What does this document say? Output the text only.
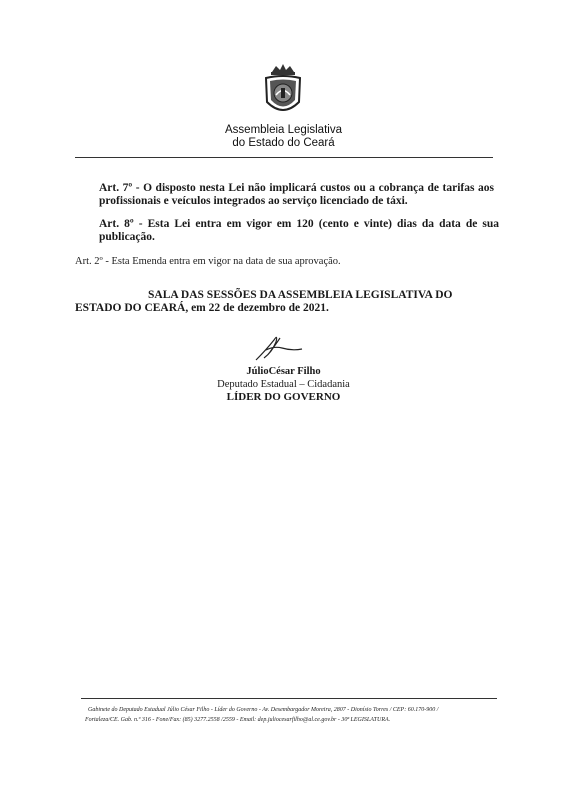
Assembleia Legislativa
do Estado do Ceará
Art. 7º - O disposto nesta Lei não implicará custos ou a cobrança de tarifas aos profissionais e veículos integrados ao serviço licenciado de táxi.
Art. 8º - Esta Lei entra em vigor em 120 (cento e vinte) dias da data de sua publicação.
Art. 2º - Esta Emenda entra em vigor na data de sua aprovação.
SALA DAS SESSÕES DA ASSEMBLEIA LEGISLATIVA DO ESTADO DO CEARÁ, em 22 de dezembro de 2021.
JúlioCésar Filho
Deputado Estadual – Cidadania
LÍDER DO GOVERNO
Gabinete do Deputado Estadual Júlio César Filho - Líder do Governo - Av. Desembargador Moreira, 2807 - Dionísio Torres / CEP: 60.170-900 /
Fortaleza/CE. Gab. n.º 316 - Fone/Fax: (85) 3277.2558 /2559 - Email: dep.juliocesarfilho@al.ce.gov.br - 30ª LEGISLATURA.
